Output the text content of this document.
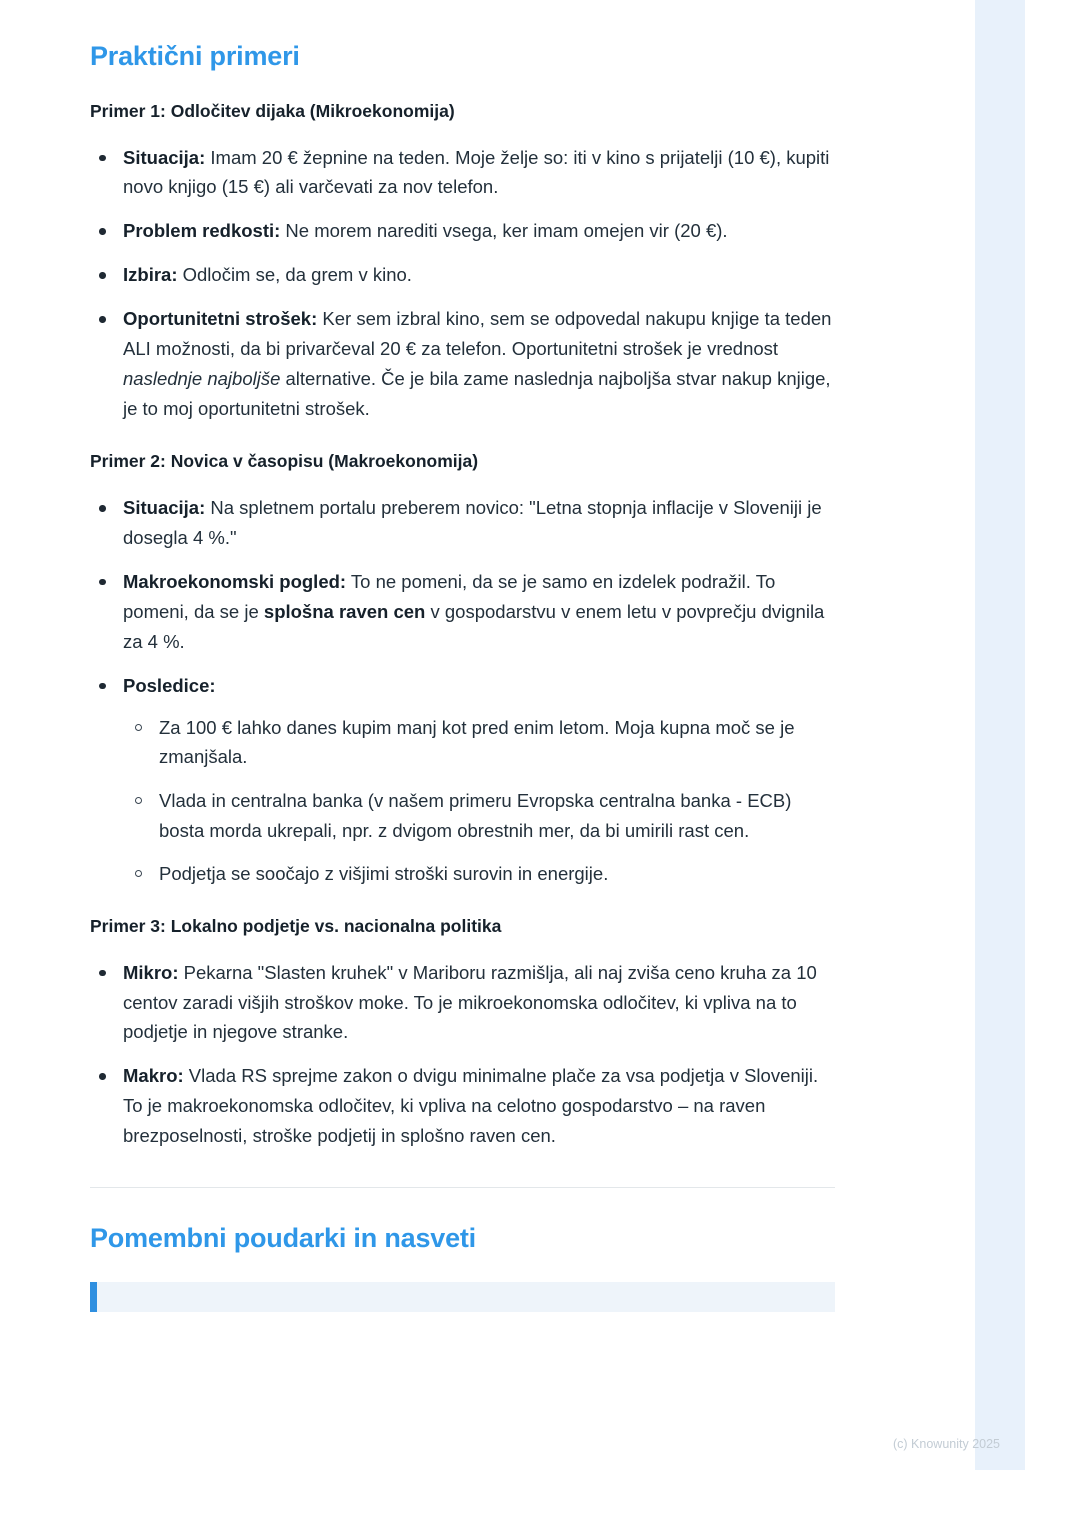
Praktični primeri
Primer 1: Odločitev dijaka (Mikroekonomija)
Situacija: Imam 20 € žepnine na teden. Moje želje so: iti v kino s prijatelji (10 €), kupiti novo knjigo (15 €) ali varčevati za nov telefon.
Problem redkosti: Ne morem narediti vsega, ker imam omejen vir (20 €).
Izbira: Odločim se, da grem v kino.
Oportunitetni strošek: Ker sem izbral kino, sem se odpovedal nakupu knjige ta teden ALI možnosti, da bi privarčeval 20 € za telefon. Oportunitetni strošek je vrednost naslednje najboljše alternative. Če je bila zame naslednja najboljša stvar nakup knjige, je to moj oportunitetni strošek.
Primer 2: Novica v časopisu (Makroekonomija)
Situacija: Na spletnem portalu preberem novico: "Letna stopnja inflacije v Sloveniji je dosegla 4 %."
Makroekonomski pogled: To ne pomeni, da se je samo en izdelek podražil. To pomeni, da se je splošna raven cen v gospodarstvu v enem letu v povprečju dvignila za 4 %.
Posledice:
Za 100 € lahko danes kupim manj kot pred enim letom. Moja kupna moč se je zmanjšala.
Vlada in centralna banka (v našem primeru Evropska centralna banka - ECB) bosta morda ukrepali, npr. z dvigom obrestnih mer, da bi umirili rast cen.
Podjetja se soočajo z višjimi stroški surovin in energije.
Primer 3: Lokalno podjetje vs. nacionalna politika
Mikro: Pekarna "Slasten kruhek" v Mariboru razmišlja, ali naj zviša ceno kruha za 10 centov zaradi višjih stroškov moke. To je mikroekonomska odločitev, ki vpliva na to podjetje in njegove stranke.
Makro: Vlada RS sprejme zakon o dvigu minimalne plače za vsa podjetja v Sloveniji. To je makroekonomska odločitev, ki vpliva na celotno gospodarstvo – na raven brezposelnosti, stroške podjetij in splošno raven cen.
Pomembni poudarki in nasveti
(c) Knowunity 2025
